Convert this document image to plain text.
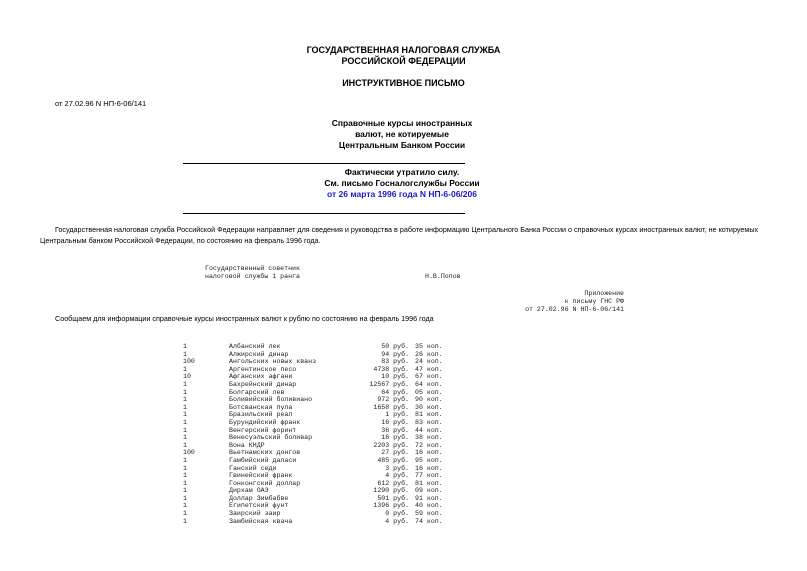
ГОСУДАРСТВЕННАЯ НАЛОГОВАЯ СЛУЖБА
РОССИЙСКОЙ ФЕДЕРАЦИИ
ИНСТРУКТИВНОЕ ПИСЬМО
от 27.02.96 N НП-6-06/141
Справочные курсы иностранных
валют, не котируемые
Центральным Банком России
Фактически утратило силу.
См. письмо Госналогслужбы России
от 26 марта 1996 года N НП-6-06/206
Государственная налоговая служба Российской Федерации направляет для сведения и руководства в работе информацию Центрального Банка России о справочных курсах иностранных валют, не котируемых
Центральным банком Российской Федерации, по состоянию на февраль 1996 года.
Государственный советник
налоговой службы 1 ранга	Н.В.Попов
Приложение
к письму ГНС РФ
от 27.02.96 N НП-6-06/141
Сообщаем для информации справочные курсы иностранных валют к рублю по состоянию на февраль 1996 года
1	Албанский лек	50 руб.	35 коп.
1	Алжирский динар	94 руб.	26 коп.
100	Ангольских новых кванз	83 руб.	24 коп.
1	Аргентинское песо	4738 руб.	47 коп.
10	Афганских афгани	10 руб.	67 коп.
1	Бахрейнский динар	12567 руб.	64 коп.
1	Болгарский лев	64 руб.	05 коп.
1	Боливийский боливиано	972 руб.	90 коп.
1	Ботсванская пула	1658 руб.	30 коп.
1	Бразильский реал	1 руб.	81 коп.
1	Бурундийский франк	16 руб.	83 коп.
1	Венгерский форинт	36 руб.	44 коп.
1	Венесуэльский боливар	16 руб.	38 коп.
1	Вона КНДР	2203 руб.	72 коп.
100	Вьетнамских донгов	27 руб.	16 коп.
1	Гамбийский даласи	485 руб.	95 коп.
1	Ганский седи	3 руб.	16 коп.
1	Гвинейский франк	4 руб.	77 коп.
1	Гонконгский доллар	612 руб.	81 коп.
1	Дирхам ОАЭ	1290 руб.	09 коп.
1	Доллар Зимбабве	501 руб.	91 коп.
1	Египетский фунт	1396 руб.	40 коп.
1	Заирский заир	0 руб.	59 коп.
1	Замбийская квача	4 руб.	74 коп.
